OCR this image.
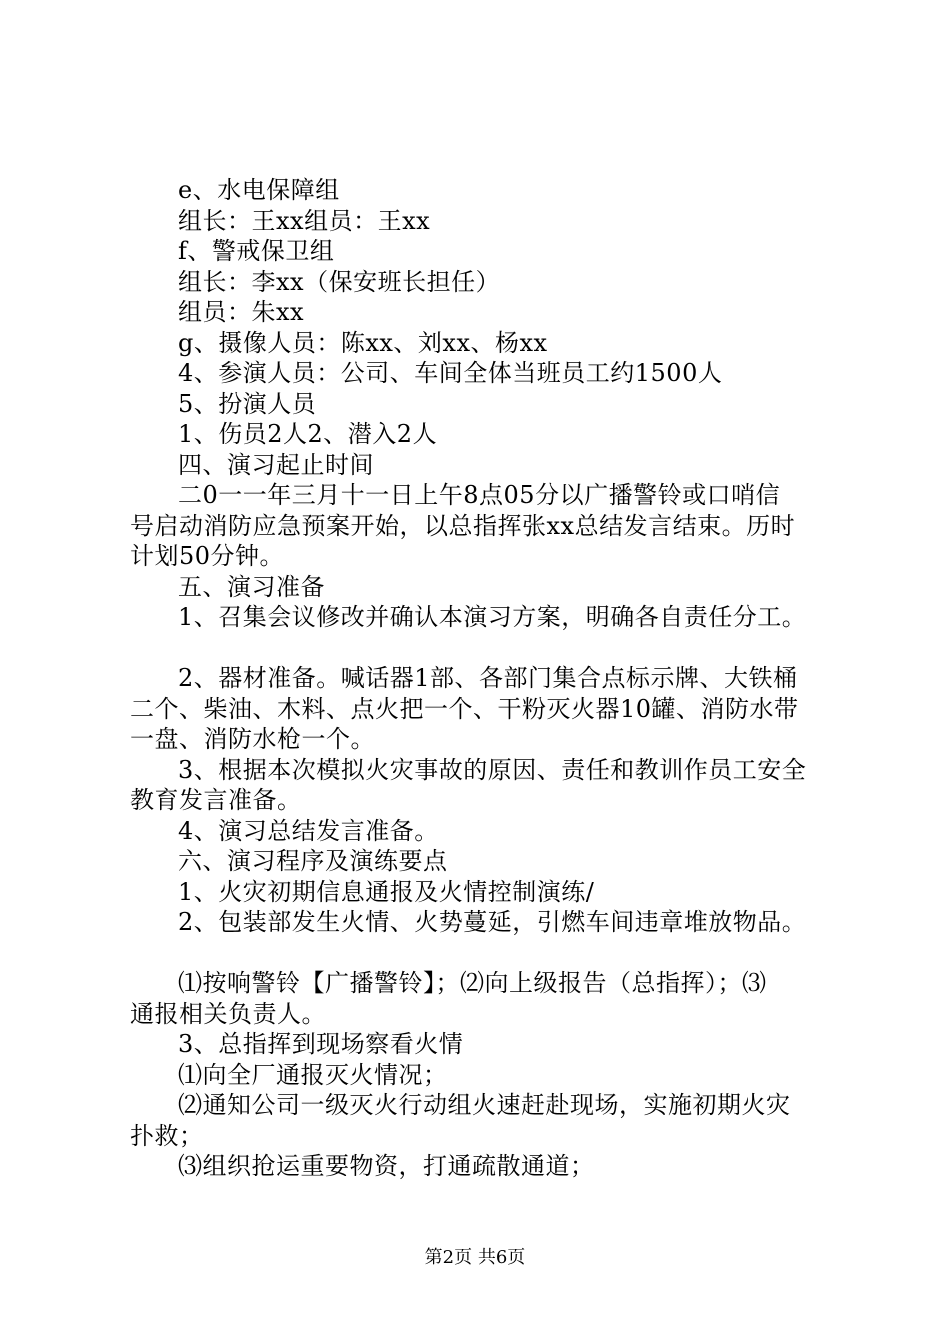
e、水电保障组
组长：王xx组员：王xx
f、警戒保卫组
组长：李xx（保安班长担任）
组员：朱xx
g、摄像人员：陈xx、刘xx、杨xx
4、参演人员：公司、车间全体当班员工约1500人
5、扮演人员
1、伤员2人2、潜入2人
四、演习起止时间
二0一一年三月十一日上午8点05分以广播警铃或口哨信
号启动消防应急预案开始，以总指挥张xx总结发言结束。历时
计划50分钟。
五、演习准备
1、召集会议修改并确认本演习方案，明确各自责任分工。
2、器材准备。喊话器1部、各部门集合点标示牌、大铁桶
二个、柴油、木料、点火把一个、干粉灭火器10罐、消防水带
一盘、消防水枪一个。
3、根据本次模拟火灾事故的原因、责任和教训作员工安全
教育发言准备。
4、演习总结发言准备。
六、演习程序及演练要点
1、火灾初期信息通报及火情控制演练/
2、包装部发生火情、火势蔓延，引燃车间违章堆放物品。
⑴按响警铃【广播警铃】；⑵向上级报告（总指挥）；⑶
通报相关负责人。
3、总指挥到现场察看火情
⑴向全厂通报灭火情况；
⑵通知公司一级灭火行动组火速赶赴现场，实施初期火灾
扑救；
⑶组织抢运重要物资，打通疏散通道；
第2页 共6页
